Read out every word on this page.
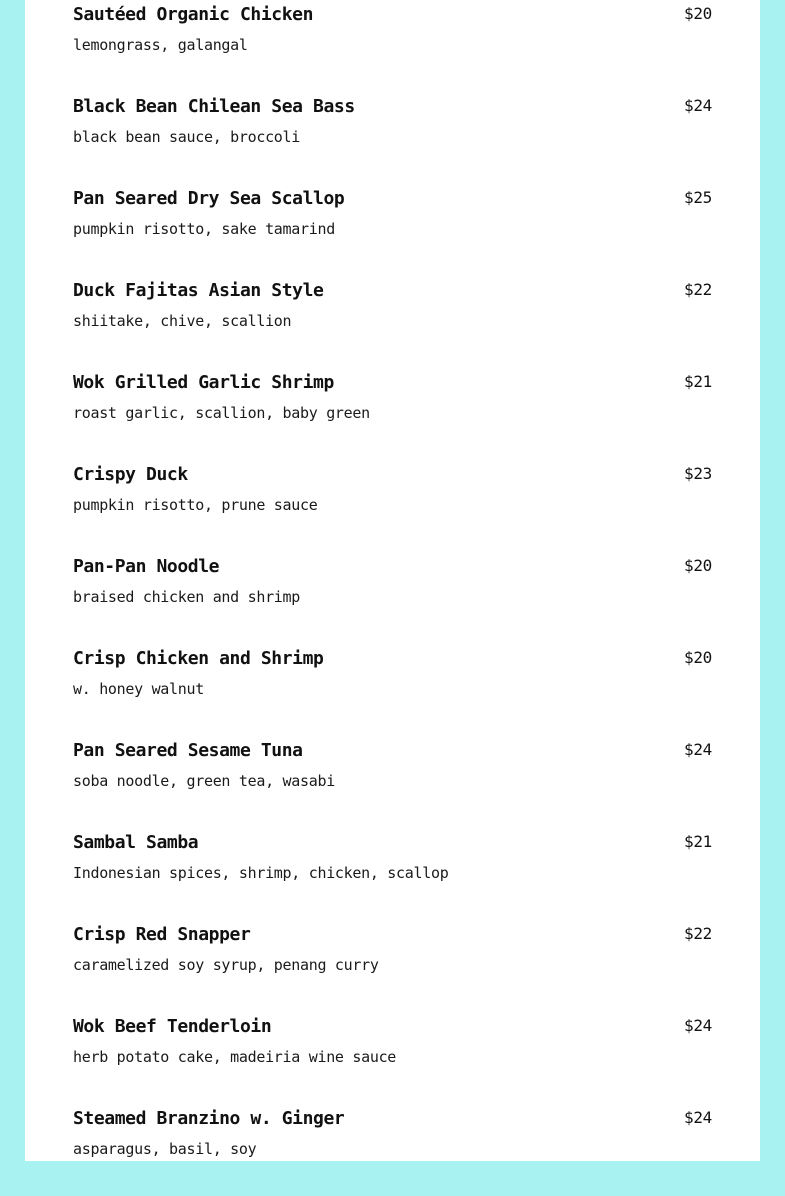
Sautéed Organic Chicken
lemongrass, galangal
$20
Black Bean Chilean Sea Bass
black bean sauce, broccoli
$24
Pan Seared Dry Sea Scallop
pumpkin risotto, sake tamarind
$25
Duck Fajitas Asian Style
shiitake, chive, scallion
$22
Wok Grilled Garlic Shrimp
roast garlic, scallion, baby green
$21
Crispy Duck
pumpkin risotto, prune sauce
$23
Pan-Pan Noodle
braised chicken and shrimp
$20
Crisp Chicken and Shrimp
w. honey walnut
$20
Pan Seared Sesame Tuna
soba noodle, green tea, wasabi
$24
Sambal Samba
Indonesian spices, shrimp, chicken, scallop
$21
Crisp Red Snapper
caramelized soy syrup, penang curry
$22
Wok Beef Tenderloin
herb potato cake, madeiria wine sauce
$24
Steamed Branzino w. Ginger
asparagus, basil, soy
$24
